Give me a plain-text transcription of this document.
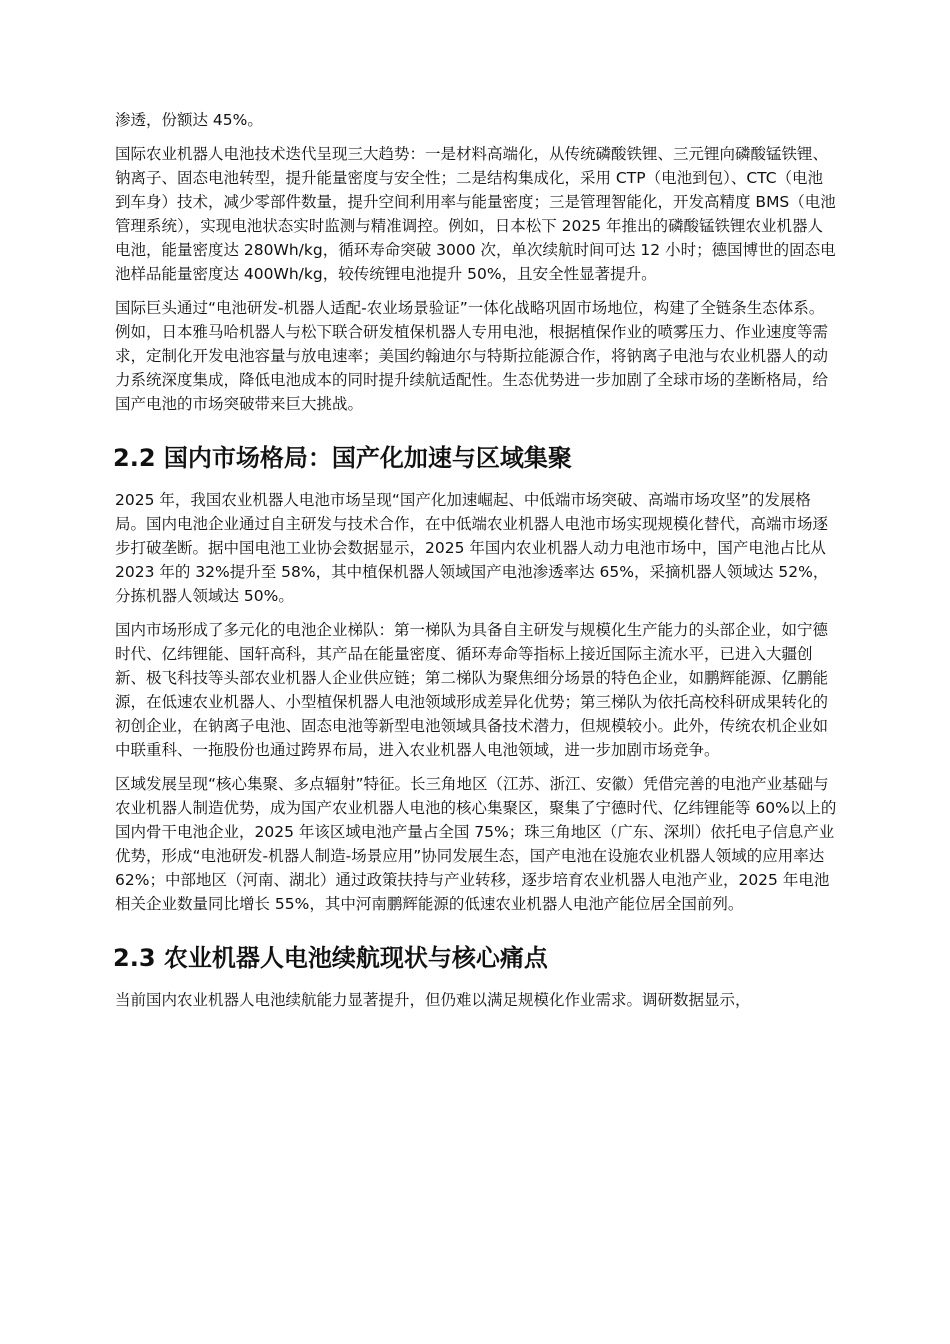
渗透，份额达 45%。

国际农业机器人电池技术迭代呈现三大趋势：一是材料高端化，从传统磷酸铁锂、三元锂向磷酸锰铁锂、钠离子、固态电池转型，提升能量密度与安全性；二是结构集成化，采用 CTP（电池到包）、CTC（电池到车身）技术，减少零部件数量，提升空间利用率与能量密度；三是管理智能化，开发高精度 BMS（电池管理系统），实现电池状态实时监测与精准调控。例如，日本松下 2025 年推出的磷酸锰铁锂农业机器人电池，能量密度达 280Wh/kg，循环寿命突破 3000 次，单次续航时间可达 12 小时；德国博世的固态电池样品能量密度达 400Wh/kg，较传统锂电池提升 50%，且安全性显著提升。

国际巨头通过“电池研发-机器人适配-农业场景验证”一体化战略巩固市场地位，构建了全链条生态体系。例如，日本雅马哈机器人与松下联合研发植保机器人专用电池，根据植保作业的喷雾压力、作业速度等需求，定制化开发电池容量与放电速率；美国约翰迪尔与特斯拉能源合作，将钠离子电池与农业机器人的动力系统深度集成，降低电池成本的同时提升续航适配性。生态优势进一步加剧了全球市场的垄断格局，给国产电池的市场突破带来巨大挑战。

2.2 国内市场格局：国产化加速与区域集聚

2025 年，我国农业机器人电池市场呈现“国产化加速崛起、中低端市场突破、高端市场攻坚”的发展格局。国内电池企业通过自主研发与技术合作，在中低端农业机器人电池市场实现规模化替代，高端市场逐步打破垄断。据中国电池工业协会数据显示，2025 年国内农业机器人动力电池市场中，国产电池占比从 2023 年的 32%提升至 58%，其中植保机器人领域国产电池渗透率达 65%，采摘机器人领域达 52%，分拣机器人领域达 50%。

国内市场形成了多元化的电池企业梯队：第一梯队为具备自主研发与规模化生产能力的头部企业，如宁德时代、亿纬锂能、国轩高科，其产品在能量密度、循环寿命等指标上接近国际主流水平，已进入大疆创新、极飞科技等头部农业机器人企业供应链；第二梯队为聚焦细分场景的特色企业，如鹏辉能源、亿鹏能源，在低速农业机器人、小型植保机器人电池领域形成差异化优势；第三梯队为依托高校科研成果转化的初创企业，在钠离子电池、固态电池等新型电池领域具备技术潜力，但规模较小。此外，传统农机企业如中联重科、一拖股份也通过跨界布局，进入农业机器人电池领域，进一步加剧市场竞争。

区域发展呈现“核心集聚、多点辐射”特征。长三角地区（江苏、浙江、安徽）凭借完善的电池产业基础与农业机器人制造优势，成为国产农业机器人电池的核心集聚区，聚集了宁德时代、亿纬锂能等 60%以上的国内骨干电池企业，2025 年该区域电池产量占全国 75%；珠三角地区（广东、深圳）依托电子信息产业优势，形成“电池研发-机器人制造-场景应用”协同发展生态，国产电池在设施农业机器人领域的应用率达 62%；中部地区（河南、湖北）通过政策扶持与产业转移，逐步培育农业机器人电池产业，2025 年电池相关企业数量同比增长 55%，其中河南鹏辉能源的低速农业机器人电池产能位居全国前列。

2.3 农业机器人电池续航现状与核心痛点

当前国内农业机器人电池续航能力显著提升，但仍难以满足规模化作业需求。调研数据显示，
